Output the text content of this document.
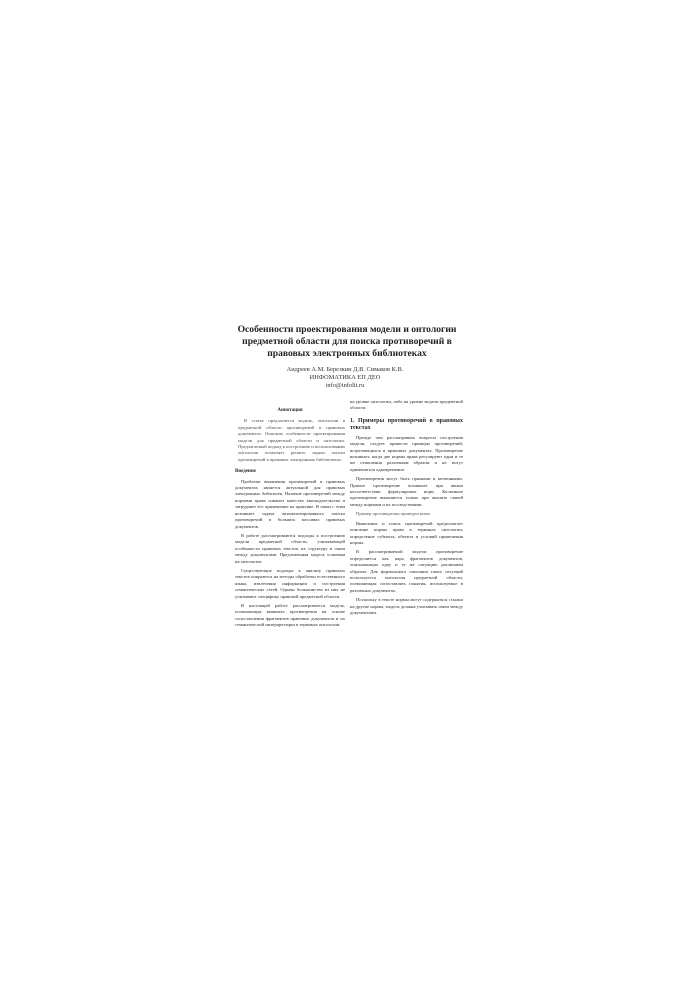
Особенности проектирования модели и онтологии предметной области для поиска противоречий в правовых электронных библиотеках
Андреев А.М. Березкин Д.В. Симаков К.В.
ИНФОМАТИКА ЕП ДЕО
info@infolit.ru
Аннотация

В статье предлагается модель, онтологии в предметной области противоречий в правовых документах. Описаны особенности проектирования модели для предметной области и онтологии. Предлагаемый подход к построению и использованию онтологии позволяет решить задачи поиска противоречий в правовых электронных библиотеках.

Введение

Проблема выявления противоречий в правовых документах является актуальной для правовых электронных библиотек. Наличие противоречий между нормами права снижает качество законодательства и затрудняет его применение на практике. В связи с этим возникает задача автоматизированного поиска противоречий в больших массивах правовых документов.

В работе рассматриваются подходы к построению модели предметной области, учитывающей особенности правовых текстов, их структуру и связи между документами. Предложенная модель основана на онтологии.

Существующие подходы к анализу правовых текстов опираются на методы обработки естественного языка, извлечения информации и построения семантических сетей. Однако большинство из них не учитывают специфику правовой предметной области.

В настоящей работе рассматривается модель, позволяющая выявлять противоречия на основе сопоставления фрагментов правовых документов и их семантической интерпретации в терминах онтологии.

на уровне онтологии, либо на уровне модели предметной области.

1. Примеры противоречий в правовых текстах

Прежде чем рассматривать вопросы построения модели, следует привести примеры противоречий, встречающихся в правовых документах. Противоречие возникает, когда две нормы права регулируют одни и те же отношения различным образом и не могут применяться одновременно.

Противоречия могут быть прямыми и косвенными. Прямое противоречие возникает при явном несоответствии формулировок норм. Косвенное противоречие выявляется только при анализе связей между нормами и их последствиями.

Пример противоречия приведен ниже.

Выявление и поиск противоречий предполагает описание нормы права в терминах онтологии, определение субъекта, объекта и условий применения нормы.

В рассматриваемой модели противоречие определяется как пара фрагментов документов, описывающих одну и ту же ситуацию различным образом. Для формального описания таких ситуаций используется онтология предметной области, позволяющая сопоставлять понятия, используемые в различных документах.

Поскольку в тексте нормы могут содержаться ссылки на другие нормы, модель должна учитывать связи между документами.
